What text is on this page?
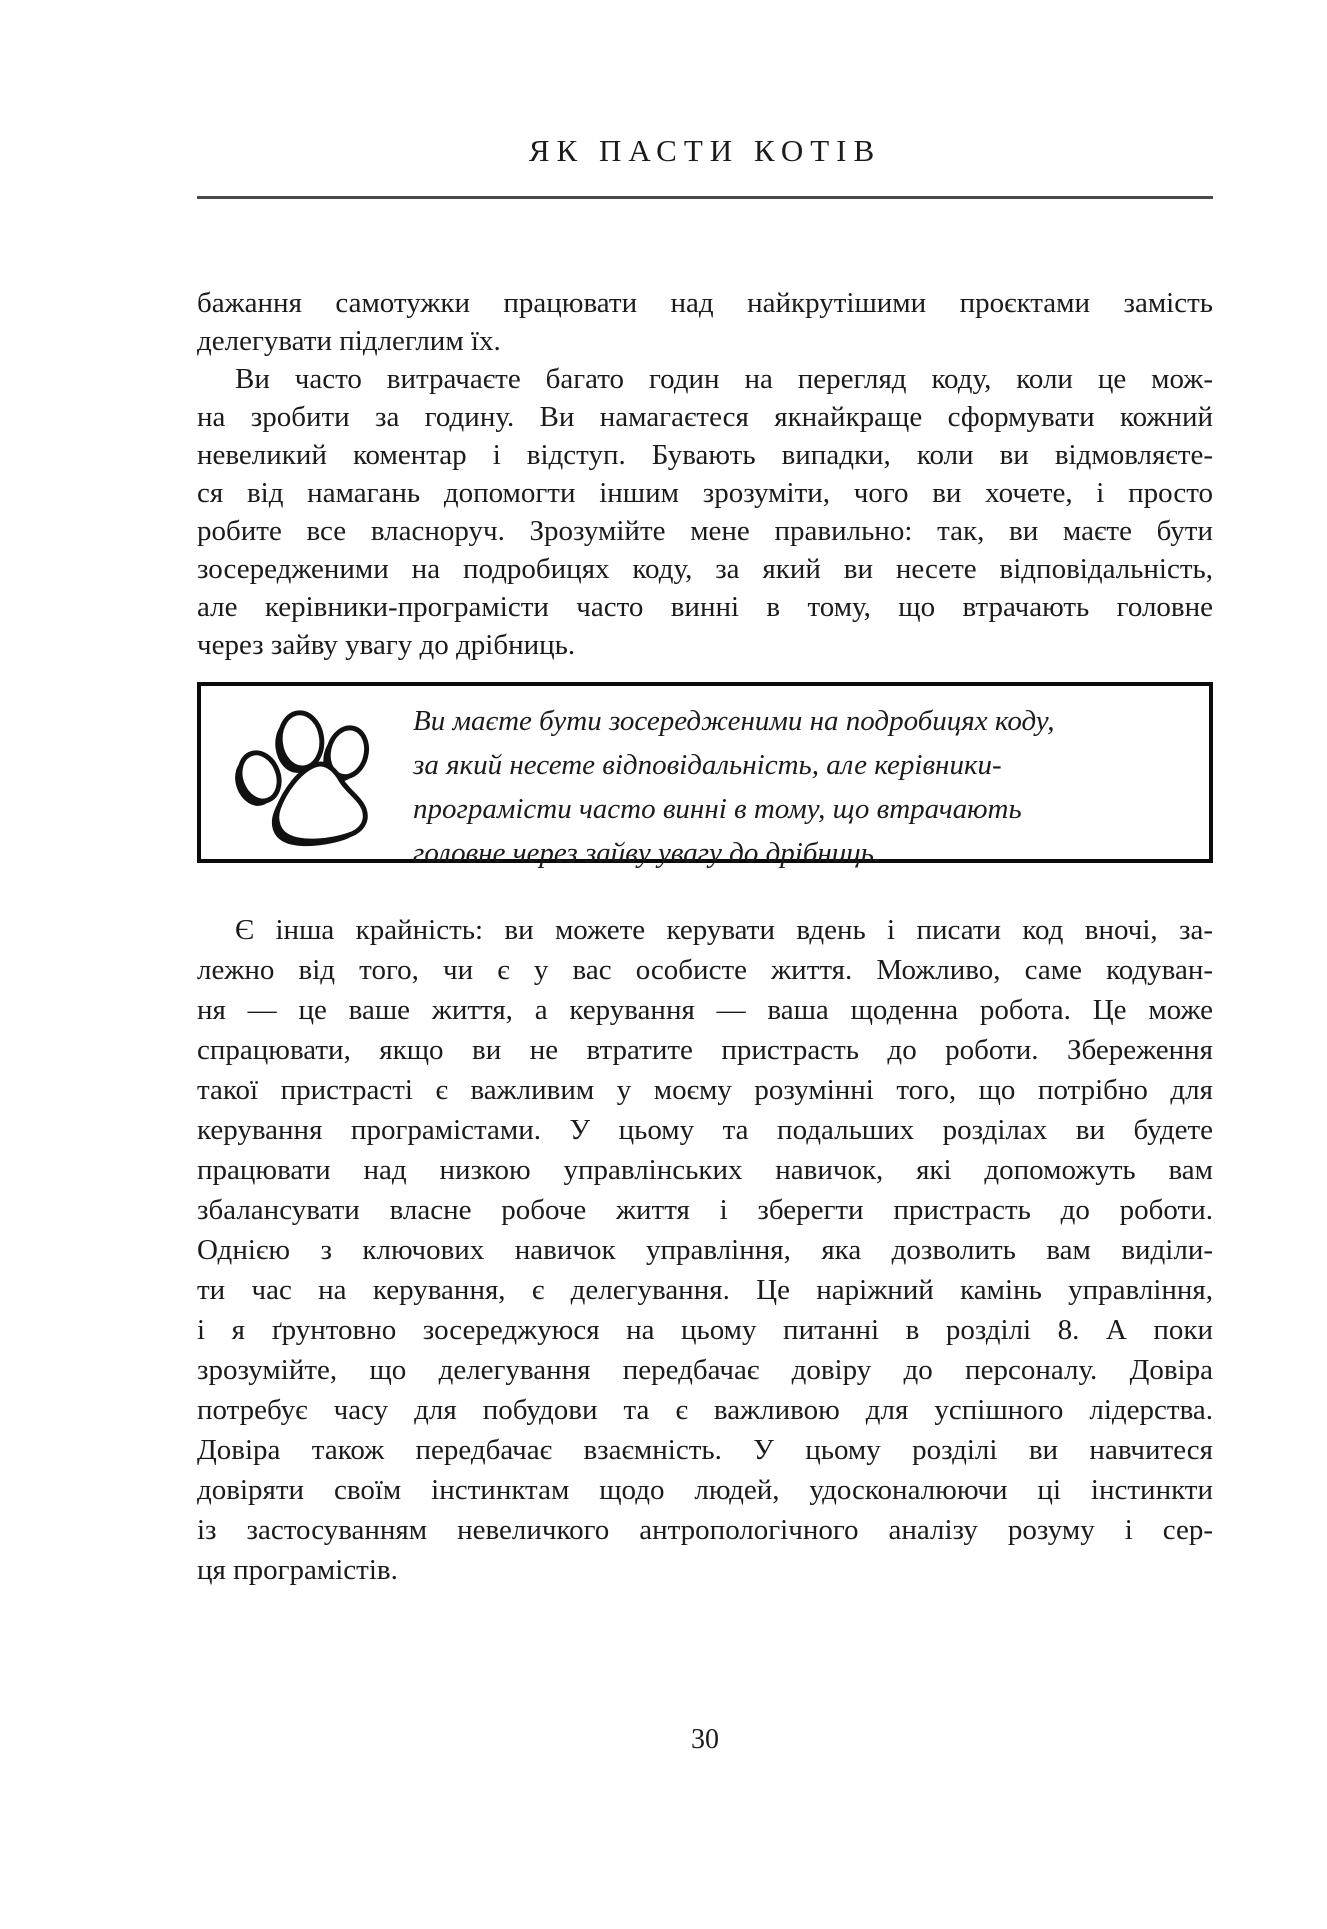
ЯК ПАСТИ КОТІВ
бажання самотужки працювати над найкрутішими проєктами замість
делегувати підлеглим їх.
Ви часто витрачаєте багато годин на перегляд коду, коли це мож-
на зробити за годину. Ви намагаєтеся якнайкраще сформувати кожний
невеликий коментар і відступ. Бувають випадки, коли ви відмовляєте-
ся від намагань допомогти іншим зрозуміти, чого ви хочете, і просто
робите все власноруч. Зрозумійте мене правильно: так, ви маєте бути
зосередженими на подробицях коду, за який ви несете відповідальність,
але керівники-програмісти часто винні в тому, що втрачають головне
через зайву увагу до дрібниць.
Ви маєте бути зосередженими на подробицях коду,
за який несете відповідальність, але керівники-
програмісти часто винні в тому, що втрачають
головне через зайву увагу до дрібниць.
Є інша крайність: ви можете керувати вдень і писати код вночі, за-
лежно від того, чи є у вас особисте життя. Можливо, саме кодуван-
ня — це ваше життя, а керування — ваша щоденна робота. Це може
спрацювати, якщо ви не втратите пристрасть до роботи. Збереження
такої пристрасті є важливим у моєму розумінні того, що потрібно для
керування програмістами. У цьому та подальших розділах ви будете
працювати над низкою управлінських навичок, які допоможуть вам
збалансувати власне робоче життя і зберегти пристрасть до роботи.
Однією з ключових навичок управління, яка дозволить вам виділи-
ти час на керування, є делегування. Це наріжний камінь управління,
і я ґрунтовно зосереджуюся на цьому питанні в розділі 8. А поки
зрозумійте, що делегування передбачає довіру до персоналу. Довіра
потребує часу для побудови та є важливою для успішного лідерства.
Довіра також передбачає взаємність. У цьому розділі ви навчитеся
довіряти своїм інстинктам щодо людей, удосконалюючи ці інстинкти
із застосуванням невеличкого антропологічного аналізу розуму і сер-
ця програмістів.
30
